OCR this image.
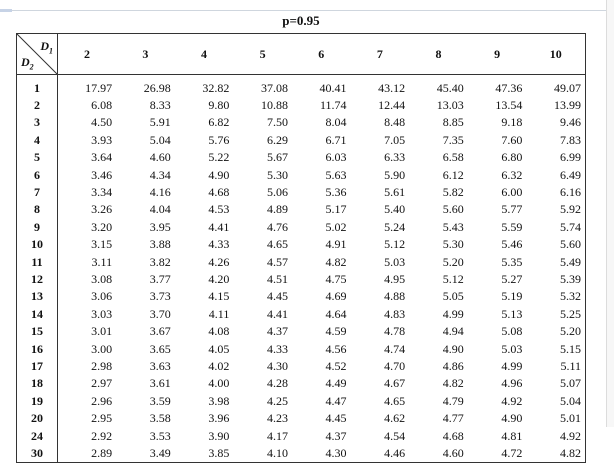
p=0.95
$D_1$
$D_2$	2	3	4	5	6	7	8	9	10
1	17.97	26.98	32.82	37.08	40.41	43.12	45.40	47.36	49.07
2	6.08	8.33	9.80	10.88	11.74	12.44	13.03	13.54	13.99
3	4.50	5.91	6.82	7.50	8.04	8.48	8.85	9.18	9.46
4	3.93	5.04	5.76	6.29	6.71	7.05	7.35	7.60	7.83
5	3.64	4.60	5.22	5.67	6.03	6.33	6.58	6.80	6.99
6	3.46	4.34	4.90	5.30	5.63	5.90	6.12	6.32	6.49
7	3.34	4.16	4.68	5.06	5.36	5.61	5.82	6.00	6.16
8	3.26	4.04	4.53	4.89	5.17	5.40	5.60	5.77	5.92
9	3.20	3.95	4.41	4.76	5.02	5.24	5.43	5.59	5.74
10	3.15	3.88	4.33	4.65	4.91	5.12	5.30	5.46	5.60
11	3.11	3.82	4.26	4.57	4.82	5.03	5.20	5.35	5.49
12	3.08	3.77	4.20	4.51	4.75	4.95	5.12	5.27	5.39
13	3.06	3.73	4.15	4.45	4.69	4.88	5.05	5.19	5.32
14	3.03	3.70	4.11	4.41	4.64	4.83	4.99	5.13	5.25
15	3.01	3.67	4.08	4.37	4.59	4.78	4.94	5.08	5.20
16	3.00	3.65	4.05	4.33	4.56	4.74	4.90	5.03	5.15
17	2.98	3.63	4.02	4.30	4.52	4.70	4.86	4.99	5.11
18	2.97	3.61	4.00	4.28	4.49	4.67	4.82	4.96	5.07
19	2.96	3.59	3.98	4.25	4.47	4.65	4.79	4.92	5.04
20	2.95	3.58	3.96	4.23	4.45	4.62	4.77	4.90	5.01
24	2.92	3.53	3.90	4.17	4.37	4.54	4.68	4.81	4.92
30	2.89	3.49	3.85	4.10	4.30	4.46	4.60	4.72	4.82
